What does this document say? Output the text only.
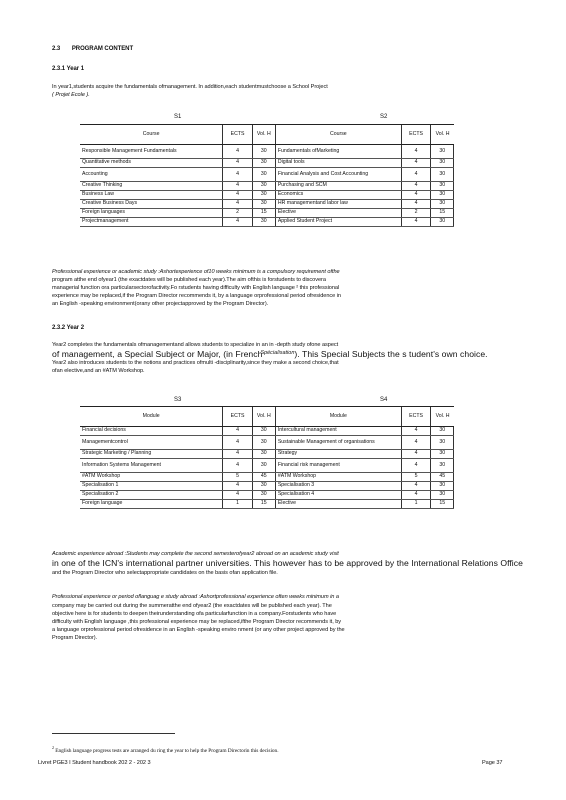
2.3 PROGRAM CONTENT
2.3.1 Year 1
In year1,students acquire the fundamentals ofmanagement. In addition,each studentmustchoose a School Project
( Projet Ecole ).
S1	S2
Course	ECTS	Vol. H	Course	ECTS	Vol. H	
Responsible Management Fundamentals	4	30	Fundamentals ofMarketing	4	30	
Quantitative methods	4	30	Digital tools	4	30	
Accounting	4	30	Financial Analysis and Cost Accounting	4	30	
Creative Thinking	4	30	Purchasing and SCM	4	30	
Business Law	4	30	Economics	4	30	
Creative Business Days	4	30	HR managementand labor law	4	30	
Foreign languages	2	15	Elective	2	15	
Projectmanagement	4	30	Applied Student Project	4	30	
Professional experience or academic study :Ashortexperience of10 weeks minimum is a compulsory requirement ofthe
program atthe end ofyear1 (the exactdates will be published each year).The aim ofthis is forstudents to discovera
managerial function ora particularsectorofactivity.Fo rstudents having difficulty with English language ² this professional
experience may be replaced,if the Program Director recommends it, by a language orprofessional period ofresidence in
an English -speaking environment(orany other projectapproved by the Program Director).
2.3.2 Year 2
Year2 completes the fundamentals ofmanagementand allows students to specialize in an in -depth study ofone aspect
of management, a Special Subject or Major, (in French$^{Spécialisation}$). This Special Subjects the s tudent's own choice.
Year2 also introduces students to the notions and practices ofmulti -disciplinarity,since they make a second choice,that
ofan elective,and an #ATM Workshop.
S3	S4
Module	ECTS	Vol. H	Module	ECTS	Vol. H	
Financial decisions	4	30	Intercultural management	4	30	
Managementcontrol	4	30	Sustainable Management of organisations	4	30	
Strategic Marketing / Planning	4	30	Strategy	4	30	
Information Systems Management	4	30	Financial risk management	4	30	
#ATM Workshop	5	45	#ATM Workshop	5	45	
Specialisation 1	4	30	Specialisation 3	4	30	
Specialisation 2	4	30	Specialisation 4	4	30	
Foreign language	1	15	Elective	1	15	
Academic experience abroad :Students may complete the second semesterofyear2 abroad on an academic study visit
in one of the ICN's international partner universities. This however has to be approved by the International Relations Office
and the Program Director who selectappropriate candidates on the basis ofan application file.
Professional experience or period oflanguag e study abroad :Ashortprofessional experience often weeks minimum in a
company may be carried out during the summeratthe end ofyear2 (the exactdates will be published each year). The
objective here is for students to deepen theirunderstanding ofa particularfunction in a company.Forstudents who have
difficulty with English language ,this professional experience may be replaced,ifthe Program Director recommends it, by
a language orprofessional period ofresidence in an English -speaking enviro nment (or any other project approved by the
Program Director).
$^2$ English language progress tests are arranged du ring the year to help the Program Directorin this decision.
Livret PGE3 I Student handbook 202 2 - 202 3	Page 37
